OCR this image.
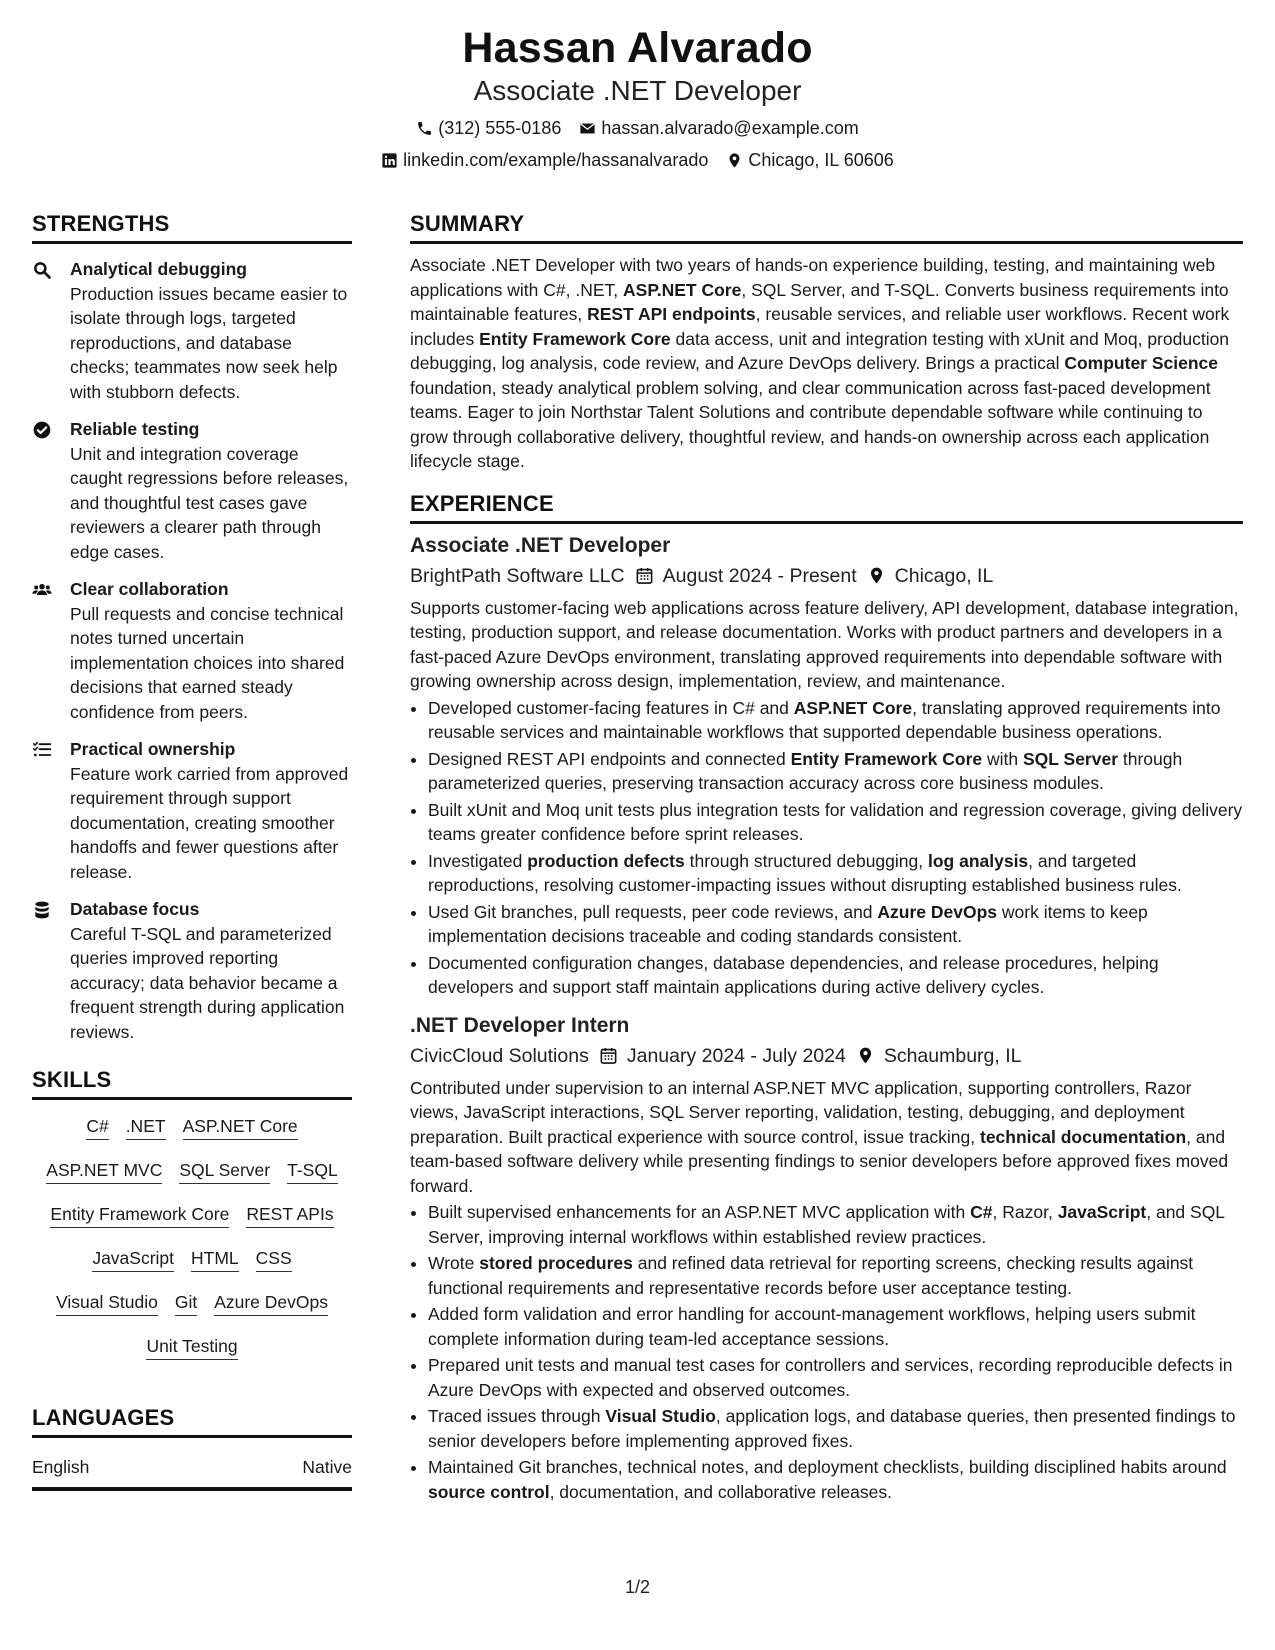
Hassan Alvarado
Associate .NET Developer
(312) 555-0186 hassan.alvarado@example.com
linkedin.com/example/hassanalvarado Chicago, IL 60606
STRENGTHS
Analytical debugging
Production issues became easier to isolate through logs, targeted reproductions, and database checks; teammates now seek help with stubborn defects.
Reliable testing
Unit and integration coverage caught regressions before releases, and thoughtful test cases gave reviewers a clearer path through edge cases.
Clear collaboration
Pull requests and concise technical notes turned uncertain implementation choices into shared decisions that earned steady confidence from peers.
Practical ownership
Feature work carried from approved requirement through support documentation, creating smoother handoffs and fewer questions after release.
Database focus
Careful T-SQL and parameterized queries improved reporting accuracy; data behavior became a frequent strength during application reviews.
SKILLS
C# .NET ASP.NET Core
ASP.NET MVC SQL Server T-SQL
Entity Framework Core REST APIs
JavaScript HTML CSS
Visual Studio Git Azure DevOps
Unit Testing
LANGUAGES
English	Native
SUMMARY
Associate .NET Developer with two years of hands-on experience building, testing, and maintaining web applications with C#, .NET, ASP.NET Core, SQL Server, and T-SQL. Converts business requirements into maintainable features, REST API endpoints, reusable services, and reliable user workflows. Recent work includes Entity Framework Core data access, unit and integration testing with xUnit and Moq, production debugging, log analysis, code review, and Azure DevOps delivery. Brings a practical Computer Science foundation, steady analytical problem solving, and clear communication across fast-paced development teams. Eager to join Northstar Talent Solutions and contribute dependable software while continuing to grow through collaborative delivery, thoughtful review, and hands-on ownership across each application lifecycle stage.
EXPERIENCE
Associate .NET Developer
BrightPath Software LLC August 2024 - Present Chicago, IL
Supports customer-facing web applications across feature delivery, API development, database integration, testing, production support, and release documentation. Works with product partners and developers in a fast-paced Azure DevOps environment, translating approved requirements into dependable software with growing ownership across design, implementation, review, and maintenance.
• Developed customer-facing features in C# and ASP.NET Core, translating approved requirements into reusable services and maintainable workflows that supported dependable business operations.
• Designed REST API endpoints and connected Entity Framework Core with SQL Server through parameterized queries, preserving transaction accuracy across core business modules.
• Built xUnit and Moq unit tests plus integration tests for validation and regression coverage, giving delivery teams greater confidence before sprint releases.
• Investigated production defects through structured debugging, log analysis, and targeted reproductions, resolving customer-impacting issues without disrupting established business rules.
• Used Git branches, pull requests, peer code reviews, and Azure DevOps work items to keep implementation decisions traceable and coding standards consistent.
• Documented configuration changes, database dependencies, and release procedures, helping developers and support staff maintain applications during active delivery cycles.
.NET Developer Intern
CivicCloud Solutions January 2024 - July 2024 Schaumburg, IL
Contributed under supervision to an internal ASP.NET MVC application, supporting controllers, Razor views, JavaScript interactions, SQL Server reporting, validation, testing, debugging, and deployment preparation. Built practical experience with source control, issue tracking, technical documentation, and team-based software delivery while presenting findings to senior developers before approved fixes moved forward.
• Built supervised enhancements for an ASP.NET MVC application with C#, Razor, JavaScript, and SQL Server, improving internal workflows within established review practices.
• Wrote stored procedures and refined data retrieval for reporting screens, checking results against functional requirements and representative records before user acceptance testing.
• Added form validation and error handling for account-management workflows, helping users submit complete information during team-led acceptance sessions.
• Prepared unit tests and manual test cases for controllers and services, recording reproducible defects in Azure DevOps with expected and observed outcomes.
• Traced issues through Visual Studio, application logs, and database queries, then presented findings to senior developers before implementing approved fixes.
• Maintained Git branches, technical notes, and deployment checklists, building disciplined habits around source control, documentation, and collaborative releases.
1/2
